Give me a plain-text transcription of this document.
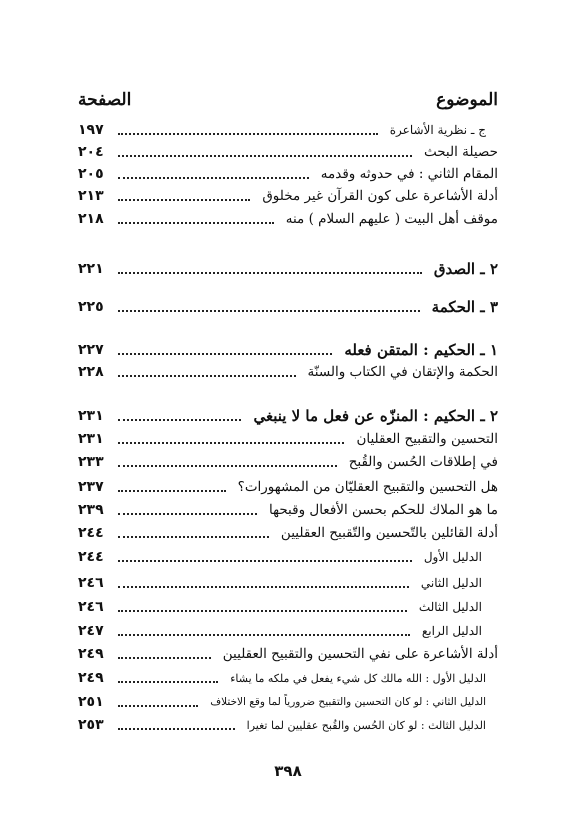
الموضوع
الصفحة
ج ـ نظرية الأشاعرة
١٩٧
حصيلة البحث
٢٠٤
المقام الثاني : في حدوثه وقدمه
٢٠٥
أدلة الأشاعرة على كون القرآن غير مخلوق
٢١٣
موقف أهل البيت ( عليهم السلام ) منه
٢١٨
٢ ـ الصدق
٢٢١
٣ ـ الحكمة
٢٢٥
١ ـ الحكيم : المتقن فعله
٢٢٧
الحكمة والإتقان في الكتاب والسنّة
٢٢٨
٢ ـ الحكيم : المنزّه عن فعل ما لا ينبغي
٢٣١
التحسين والتقبيح العقليان
٢٣١
في إطلاقات الحُسن والقُبح
٢٣٣
هل التحسين والتقبيح العقليّان من المشهورات؟
٢٣٧
ما هو الملاك للحكم بحسن الأفعال وقبحها
٢٣٩
أدلة القائلين بالتّحسين والتّقبيح العقليين
٢٤٤
الدليل الأول
٢٤٤
الدليل الثاني
٢٤٦
الدليل الثالث
٢٤٦
الدليل الرابع
٢٤٧
أدلة الأشاعرة على نفي التحسين والتقبيح العقليين
٢٤٩
الدليل الأول : الله مالك كل شيء يفعل في ملكه ما يشاء
٢٤٩
الدليل الثاني : لو كان التحسين والتقبيح ضرورياً لما وقع الاختلاف
٢٥١
الدليل الثالث : لو كان الحُسن والقُبح عقليين لما تغيرا
٢٥٣
٣٩٨
